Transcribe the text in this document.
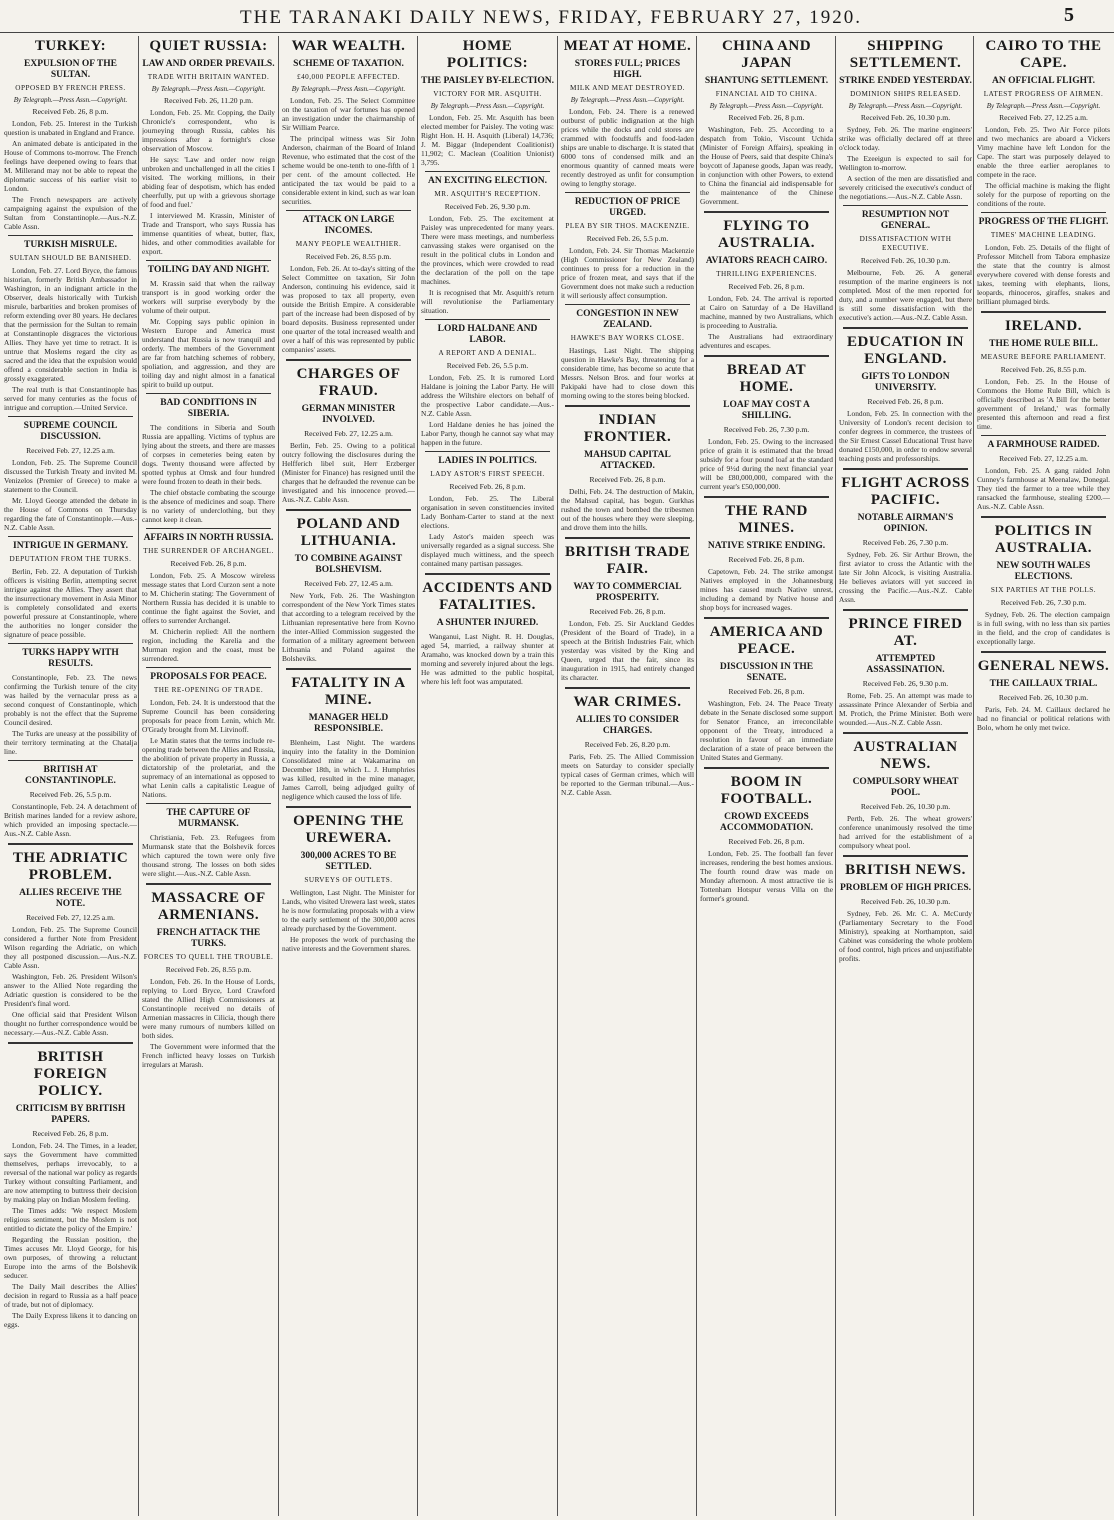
THE TARANAKI DAILY NEWS, FRIDAY, FEBRUARY 27, 1920.	5
TURKEY:
EXPULSION OF THE SULTAN.
OPPOSED BY FRENCH PRESS.
By Telegraph.—Press Assn.—Copyright.
Received Feb. 26, 8 p.m.

London, Feb. 25. Interest in the Turkish question is unabated in England and France.

An animated debate is anticipated in the House of Commons to-morrow. The French feelings have deepened owing to fears that M. Millerand may not be able to repeat the diplomatic success of his earlier visit to London.

The French newspapers are actively campaigning against the expulsion of the Sultan from Constantinople.—Aus.-N.Z. Cable Assn.

TURKISH MISRULE.
SULTAN SHOULD BE BANISHED.

London, Feb. 27. Lord Bryce, the famous historian, formerly British Ambassador in Washington, in an indignant article in the Observer, deals historically with Turkish misrule, barbarities and broken promises of reform extending over 80 years. He declares that the permission for the Sultan to remain at Constantinople disgraces the victorious Allies. They have yet time to retract. It is untrue that Moslems regard the city as sacred and the idea that the expulsion would offend a considerable section in India is grossly exaggerated.

The real truth is that Constantinople has served for many centuries as the focus of intrigue and corruption.—United Service.

SUPREME COUNCIL DISCUSSION.
Received Feb. 27, 12.25 a.m.

London, Feb. 25. The Supreme Council discussed the Turkish Treaty and invited M. Venizelos (Premier of Greece) to make a statement to the Council.

Mr. Lloyd George attended the debate in the House of Commons on Thursday regarding the fate of Constantinople.—Aus.-N.Z. Cable Assn.

INTRIGUE IN GERMANY.
DEPUTATION FROM THE TURKS.

Berlin, Feb. 22. A deputation of Turkish officers is visiting Berlin, attempting secret intrigue against the Allies. They assert that the insurrectionary movement in Asia Minor is completely consolidated and exerts powerful pressure at Constantinople, where the authorities no longer consider the signature of peace possible.

TURKS HAPPY WITH RESULTS.

Constantinople, Feb. 23. The news confirming the Turkish tenure of the city was hailed by the vernacular press as a second conquest of Constantinople, which probably is not the effect that the Supreme Council desired.

The Turks are uneasy at the possibility of their territory terminating at the Chatalja line.

BRITISH AT CONSTANTINOPLE.
Received Feb. 26, 5.5 p.m.

Constantinople, Feb. 24. A detachment of British marines landed for a review ashore, which provided an imposing spectacle.—Aus.-N.Z. Cable Assn.

THE ADRIATIC PROBLEM.
ALLIES RECEIVE THE NOTE.
Received Feb. 27, 12.25 a.m.

London, Feb. 25. The Supreme Council considered a further Note from President Wilson regarding the Adriatic, on which they all postponed discussion.—Aus.-N.Z. Cable Assn.

Washington, Feb. 26. President Wilson's answer to the Allied Note regarding the Adriatic question is considered to be the President's final word.

One official said that President Wilson thought no further correspondence would be necessary.—Aus.-N.Z. Cable Assn.

BRITISH FOREIGN POLICY.
CRITICISM BY BRITISH PAPERS.
Received Feb. 26, 8 p.m.

London, Feb. 24. The Times, in a leader, says the Government have committed themselves, perhaps irrevocably, to a reversal of the national war policy as regards Turkey without consulting Parliament, and are now attempting to buttress their decision by making play on Indian Moslem feeling.

The Times adds: 'We respect Moslem religious sentiment, but the Moslem is not entitled to dictate the policy of the Empire.'

Regarding the Russian position, the Times accuses Mr. Lloyd George, for his own purposes, of throwing a reluctant Europe into the arms of the Bolshevik seducer.

The Daily Mail describes the Allies' decision in regard to Russia as a half peace of trade, but not of diplomacy.

The Daily Express likens it to dancing on eggs.

QUIET RUSSIA:
LAW AND ORDER PREVAILS.
TRADE WITH BRITAIN WANTED.
By Telegraph.—Press Assn.—Copyright.
Received Feb. 26, 11.20 p.m.

London, Feb. 25. Mr. Copping, the Daily Chronicle's correspondent, who is journeying through Russia, cables his impressions after a fortnight's close observation of Moscow.

He says: 'Law and order now reign unbroken and unchallenged in all the cities I visited. The working millions, in their abiding fear of despotism, which has ended cheerfully, put up with a grievous shortage of food and fuel.'

I interviewed M. Krassin, Minister of Trade and Transport, who says Russia has immense quantities of wheat, butter, flax, hides, and other commodities available for export.

TOILING DAY AND NIGHT.

M. Krassin said that when the railway transport is in good working order the workers will surprise everybody by the volume of their output.

Mr. Copping says public opinion in Western Europe and America must understand that Russia is now tranquil and orderly. The members of the Government are far from hatching schemes of robbery, spoliation, and aggression, and they are toiling day and night almost in a fanatical spirit to build up output.

BAD CONDITIONS IN SIBERIA.

The conditions in Siberia and South Russia are appalling. Victims of typhus are lying about the streets, and there are masses of corpses in cemeteries being eaten by dogs. Twenty thousand were affected by spotted typhus at Omsk and four hundred were found frozen to death in their beds.

The chief obstacle combating the scourge is the absence of medicines and soap. There is no variety of underclothing, but they cannot keep it clean.

AFFAIRS IN NORTH RUSSIA.
THE SURRENDER OF ARCHANGEL.
Received Feb. 26, 8 p.m.

London, Feb. 25. A Moscow wireless message states that Lord Curzon sent a note to M. Chicherin stating: The Government of Northern Russia has decided it is unable to continue the fight against the Soviet, and offers to surrender Archangel.

M. Chicherin replied: All the northern region, including the Karelia and the Murman region and the coast, must be surrendered.

PROPOSALS FOR PEACE.
THE RE-OPENING OF TRADE.

London, Feb. 24. It is understood that the Supreme Council has been considering proposals for peace from Lenin, which Mr. O'Grady brought from M. Litvinoff.

Le Matin states that the terms include re-opening trade between the Allies and Russia, the abolition of private property in Russia, a dictatorship of the proletariat, and the supremacy of an international as opposed to what Lenin calls a capitalistic League of Nations.

THE CAPTURE OF MURMANSK.

Christiania, Feb. 23. Refugees from Murmansk state that the Bolshevik forces which captured the town were only five thousand strong. The losses on both sides were slight.—Aus.-N.Z. Cable Assn.

MASSACRE OF ARMENIANS.
FRENCH ATTACK THE TURKS.
FORCES TO QUELL THE TROUBLE.
Received Feb. 26, 8.55 p.m.

London, Feb. 26. In the House of Lords, replying to Lord Bryce, Lord Crawford stated the Allied High Commissioners at Constantinople received no details of Armenian massacres in Cilicia, though there were many rumours of numbers killed on both sides.

The Government were informed that the French inflicted heavy losses on Turkish irregulars at Marash.

WAR WEALTH.
SCHEME OF TAXATION.
£40,000 PEOPLE AFFECTED.
By Telegraph.—Press Assn.—Copyright.

London, Feb. 25. The Select Committee on the taxation of war fortunes has opened an investigation under the chairmanship of Sir William Pearce.

The principal witness was Sir John Anderson, chairman of the Board of Inland Revenue, who estimated that the cost of the scheme would be one-tenth to one-fifth of 1 per cent. of the amount collected. He anticipated the tax would be paid to a considerable extent in kind, such as war loan securities.

ATTACK ON LARGE INCOMES.
MANY PEOPLE WEALTHIER.
Received Feb. 26, 8.55 p.m.

London, Feb. 26. At to-day's sitting of the Select Committee on taxation, Sir John Anderson, continuing his evidence, said it was proposed to tax all property, even outside the British Empire. A considerable part of the increase had been disposed of by board deposits. Business represented under one quarter of the total increased wealth and over a half of this was represented by public companies' assets.

CHARGES OF FRAUD.
GERMAN MINISTER INVOLVED.
Received Feb. 27, 12.25 a.m.

Berlin, Feb. 25. Owing to a political outcry following the disclosures during the Helfferich libel suit, Herr Erzberger (Minister for Finance) has resigned until the charges that he defrauded the revenue can be investigated and his innocence proved.—Aus.-N.Z. Cable Assn.

POLAND AND LITHUANIA.
TO COMBINE AGAINST BOLSHEVISM.
Received Feb. 27, 12.45 a.m.

New York, Feb. 26. The Washington correspondent of the New York Times states that according to a telegram received by the Lithuanian representative here from Kovno the inter-Allied Commission suggested the formation of a military agreement between Lithuania and Poland against the Bolsheviks.

FATALITY IN A MINE.
MANAGER HELD RESPONSIBLE.

Blenheim, Last Night. The wardens inquiry into the fatality in the Dominion Consolidated mine at Wakamarina on December 18th, in which L. J. Humphries was killed, resulted in the mine manager, James Carroll, being adjudged guilty of negligence which caused the loss of life.

OPENING THE UREWERA.
300,000 ACRES TO BE SETTLED.
SURVEYS OF OUTLETS.

Wellington, Last Night. The Minister for Lands, who visited Urewera last week, states he is now formulating proposals with a view to the early settlement of the 300,000 acres already purchased by the Government.

He proposes the work of purchasing the native interests and the Government shares.

HOME POLITICS:
THE PAISLEY BY-ELECTION.
VICTORY FOR MR. ASQUITH.
By Telegraph.—Press Assn.—Copyright.

London, Feb. 25. Mr. Asquith has been elected member for Paisley. The voting was: Right Hon. H. H. Asquith (Liberal) 14,736; J. M. Biggar (Independent Coalitionist) 11,902; C. Maclean (Coalition Unionist) 3,795.

AN EXCITING ELECTION.
MR. ASQUITH'S RECEPTION.
Received Feb. 26, 9.30 p.m.

London, Feb. 25. The excitement at Paisley was unprecedented for many years. There were mass meetings, and numberless canvassing stakes were organised on the result in the political clubs in London and the provinces, which were crowded to read the declaration of the poll on the tape machines.

It is recognised that Mr. Asquith's return will revolutionise the Parliamentary situation.

LORD HALDANE AND LABOR.
A REPORT AND A DENIAL.
Received Feb. 26, 5.5 p.m.

London, Feb. 25. It is rumored Lord Haldane is joining the Labor Party. He will address the Wiltshire electors on behalf of the prospective Labor candidate.—Aus.-N.Z. Cable Assn.

Lord Haldane denies he has joined the Labor Party, though he cannot say what may happen in the future.

LADIES IN POLITICS.
LADY ASTOR'S FIRST SPEECH.
Received Feb. 26, 8 p.m.

London, Feb. 25. The Liberal organisation in seven constituencies invited Lady Bonham-Carter to stand at the next elections.

Lady Astor's maiden speech was universally regarded as a signal success. She displayed much wittiness, and the speech contained many partisan passages.

ACCIDENTS AND FATALITIES.
A SHUNTER INJURED.

Wanganui, Last Night. R. H. Douglas, aged 54, married, a railway shunter at Aramaho, was knocked down by a train this morning and severely injured about the legs. He was admitted to the public hospital, where his left foot was amputated.

MEAT AT HOME.
STORES FULL; PRICES HIGH.
MILK AND MEAT DESTROYED.
By Telegraph.—Press Assn.—Copyright.

London, Feb. 24. There is a renewed outburst of public indignation at the high prices while the docks and cold stores are crammed with foodstuffs and food-laden ships are unable to discharge. It is stated that 6000 tons of condensed milk and an enormous quantity of canned meats were recently destroyed as unfit for consumption owing to lengthy storage.

REDUCTION OF PRICE URGED.
PLEA BY SIR THOS. MACKENZIE.
Received Feb. 26, 5.5 p.m.

London, Feb. 24. Sir Thomas Mackenzie (High Commissioner for New Zealand) continues to press for a reduction in the price of frozen meat, and says that if the Government does not make such a reduction it will seriously affect consumption.

CONGESTION IN NEW ZEALAND.
HAWKE'S BAY WORKS CLOSE.

Hastings, Last Night. The shipping question in Hawke's Bay, threatening for a considerable time, has become so acute that Messrs. Nelson Bros. and four works at Pakipaki have had to close down this morning owing to the stores being blocked.

INDIAN FRONTIER.
MAHSUD CAPITAL ATTACKED.
Received Feb. 26, 8 p.m.

Delhi, Feb. 24. The destruction of Makin, the Mahsud capital, has begun. Gurkhas rushed the town and bombed the tribesmen out of the houses where they were sleeping, and drove them into the hills.

BRITISH TRADE FAIR.
WAY TO COMMERCIAL PROSPERITY.
Received Feb. 26, 8 p.m.

London, Feb. 25. Sir Auckland Geddes (President of the Board of Trade), in a speech at the British Industries Fair, which yesterday was visited by the King and Queen, urged that the fair, since its inauguration in 1915, had entirely changed its character.

WAR CRIMES.
ALLIES TO CONSIDER CHARGES.
Received Feb. 26, 8.20 p.m.

Paris, Feb. 25. The Allied Commission meets on Saturday to consider specially typical cases of German crimes, which will be reported to the German tribunal.—Aus.-N.Z. Cable Assn.

CHINA AND JAPAN
SHANTUNG SETTLEMENT.
FINANCIAL AID TO CHINA.
By Telegraph.—Press Assn.—Copyright.
Received Feb. 26, 8 p.m.

Washington, Feb. 25. According to a despatch from Tokio, Viscount Uchida (Minister of Foreign Affairs), speaking in the House of Peers, said that despite China's boycott of Japanese goods, Japan was ready, in conjunction with other Powers, to extend to China the financial aid indispensable for the maintenance of the Chinese Government.

FLYING TO AUSTRALIA.
AVIATORS REACH CAIRO.
THRILLING EXPERIENCES.
Received Feb. 26, 8 p.m.

London, Feb. 24. The arrival is reported at Cairo on Saturday of a De Havilland machine, manned by two Australians, which is proceeding to Australia.

The Australians had extraordinary adventures and escapes.

BREAD AT HOME.
LOAF MAY COST A SHILLING.
Received Feb. 26, 7.30 p.m.

London, Feb. 25. Owing to the increased price of grain it is estimated that the bread subsidy for a four pound loaf at the standard price of 9½d during the next financial year will be £80,000,000, compared with the current year's £50,000,000.

THE RAND MINES.
NATIVE STRIKE ENDING.
Received Feb. 26, 8 p.m.

Capetown, Feb. 24. The strike amongst Natives employed in the Johannesburg mines has caused much Native unrest, including a demand by Native house and shop boys for increased wages.

AMERICA AND PEACE.
DISCUSSION IN THE SENATE.
Received Feb. 26, 8 p.m.

Washington, Feb. 24. The Peace Treaty debate in the Senate disclosed some support for Senator France, an irreconcilable opponent of the Treaty, introduced a resolution in favour of an immediate declaration of a state of peace between the United States and Germany.

BOOM IN FOOTBALL.
CROWD EXCEEDS ACCOMMODATION.
Received Feb. 26, 8 p.m.

London, Feb. 25. The football fan fever increases, rendering the best homes anxious. The fourth round draw was made on Monday afternoon. A most attractive tie is Tottenham Hotspur versus Villa on the former's ground.

SHIPPING SETTLEMENT.
STRIKE ENDED YESTERDAY.
DOMINION SHIPS RELEASED.
By Telegraph.—Press Assn.—Copyright.
Received Feb. 26, 10.30 p.m.

Sydney, Feb. 26. The marine engineers' strike was officially declared off at three o'clock today.

The Ezeeigun is expected to sail for Wellington to-morrow.

A section of the men are dissatisfied and severely criticised the executive's conduct of the negotiations.—Aus.-N.Z. Cable Assn.

RESUMPTION NOT GENERAL.
DISSATISFACTION WITH EXECUTIVE.
Received Feb. 26, 10.30 p.m.

Melbourne, Feb. 26. A general resumption of the marine engineers is not completed. Most of the men reported for duty, and a number were engaged, but there is still some dissatisfaction with the executive's action.—Aus.-N.Z. Cable Assn.

EDUCATION IN ENGLAND.
GIFTS TO LONDON UNIVERSITY.
Received Feb. 26, 8 p.m.

London, Feb. 25. In connection with the University of London's recent decision to confer degrees in commerce, the trustees of the Sir Ernest Cassel Educational Trust have donated £150,000, in order to endow several teaching posts and professorships.

FLIGHT ACROSS PACIFIC.
NOTABLE AIRMAN'S OPINION.
Received Feb. 26, 7.30 p.m.

Sydney, Feb. 26. Sir Arthur Brown, the first aviator to cross the Atlantic with the late Sir John Alcock, is visiting Australia. He believes aviators will yet succeed in crossing the Pacific.—Aus.-N.Z. Cable Assn.

PRINCE FIRED AT.
ATTEMPTED ASSASSINATION.
Received Feb. 26, 9.30 p.m.

Rome, Feb. 25. An attempt was made to assassinate Prince Alexander of Serbia and M. Protich, the Prime Minister. Both were wounded.—Aus.-N.Z. Cable Assn.

AUSTRALIAN NEWS.
COMPULSORY WHEAT POOL.
Received Feb. 26, 10.30 p.m.

Perth, Feb. 26. The wheat growers' conference unanimously resolved the time had arrived for the establishment of a compulsory wheat pool.

BRITISH NEWS.
PROBLEM OF HIGH PRICES.
Received Feb. 26, 10.30 p.m.

Sydney, Feb. 26. Mr. C. A. McCurdy (Parliamentary Secretary to the Food Ministry), speaking at Northampton, said Cabinet was considering the whole problem of food control, high prices and unjustifiable profits.

CAIRO TO THE CAPE.
AN OFFICIAL FLIGHT.
LATEST PROGRESS OF AIRMEN.
By Telegraph.—Press Assn.—Copyright.
Received Feb. 27, 12.25 a.m.

London, Feb. 25. Two Air Force pilots and two mechanics are aboard a Vickers Vimy machine have left London for the Cape. The start was purposely delayed to enable the three earlier aeroplanes to compete in the race.

The official machine is making the flight solely for the purpose of reporting on the conditions of the route.

PROGRESS OF THE FLIGHT.
TIMES' MACHINE LEADING.

London, Feb. 25. Details of the flight of Professor Mitchell from Tabora emphasize the state that the country is almost everywhere covered with dense forests and lakes, teeming with elephants, lions, leopards, rhinoceros, giraffes, snakes and brilliant plumaged birds.

IRELAND.
THE HOME RULE BILL.
MEASURE BEFORE PARLIAMENT.
Received Feb. 26, 8.55 p.m.

London, Feb. 25. In the House of Commons the Home Rule Bill, which is officially described as 'A Bill for the better government of Ireland,' was formally presented this afternoon and read a first time.

A FARMHOUSE RAIDED.
Received Feb. 27, 12.25 a.m.

London, Feb. 25. A gang raided John Cunney's farmhouse at Meenalaw, Donegal. They tied the farmer to a tree while they ransacked the farmhouse, stealing £200.—Aus.-N.Z. Cable Assn.

POLITICS IN AUSTRALIA.
NEW SOUTH WALES ELECTIONS.
SIX PARTIES AT THE POLLS.
Received Feb. 26, 7.30 p.m.

Sydney, Feb. 26. The election campaign is in full swing, with no less than six parties in the field, and the crop of candidates is exceptionally large.

GENERAL NEWS.
THE CAILLAUX TRIAL.
Received Feb. 26, 10.30 p.m.

Paris, Feb. 24. M. Caillaux declared he had no financial or political relations with Bolo, whom he only met twice.
